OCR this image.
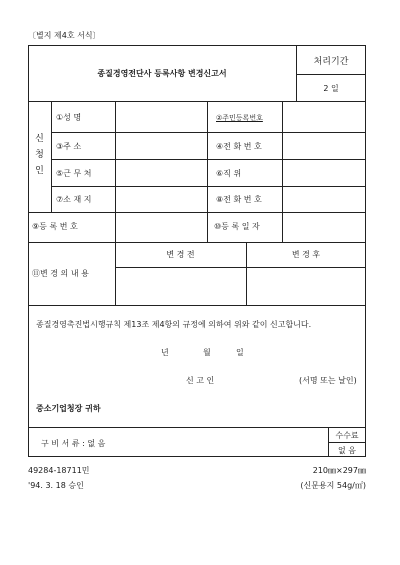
〔별지 제4호 서식〕
종질경영전단사 등록사항 변경신고서
처리기간
2 일
신
청
인
①성 명	②주민등록번호
③주 소	④전 화 번 호
⑤근 무 처	⑥직 위
⑦소 재 지	⑧전 화 번 호
⑨등 록 번 호	⑩등 록 일 자
⑪변 경 의 내 용
변 경 전	변 경 후
종질경영촉진법시행규칙 제13조 제4항의 규정에 의하여 위와 같이 신고합니다.
년	월	일
신 고 인	(서명 또는 날인)
중소기업청장 귀하
구 비 서 류 : 없 음
수수료
없 음
49284-18711민
'94. 3. 18 승인
210㎜×297㎜
(신문용지 54g/㎡)
